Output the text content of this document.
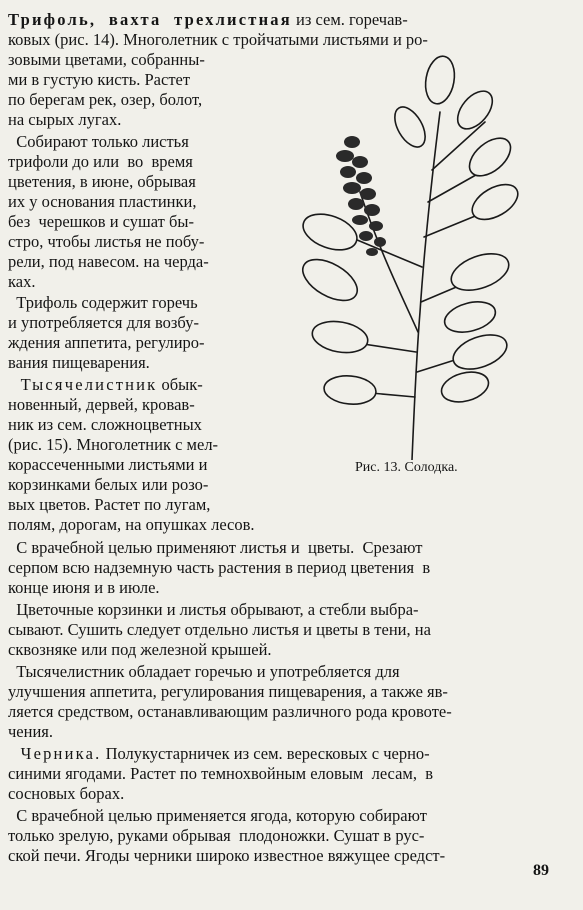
Трифоль,  вахта  трехлистная из сем. горечав-

ковых (рис. 14). Многолетник с тройчатыми листьями и ро-

зовыми цветами, собранны-

ми в густую кисть. Растет

по берегам рек, озер, болот,

на сырых лугах.

Собирают только листья

трифоли до или  во  время

цветения, в июне, обрывая

их у основания пластинки,

без  черешков и сушат бы-

стро, чтобы листья не побу-

рели, под навесом. на черда-

ках.

Трифоль содержит горечь

и употребляется для возбу-

ждения аппетита, регулиро-

вания пищеварения.

Тысячелистник обык-

новенный, дервей, кровав-

ник из сем. сложноцветных

(рис. 15). Многолетник с мел-

корассеченными листьями и

корзинками белых или розо-

вых цветов. Растет по лугам,

полям, дорогам, на опушках лесов.

С врачебной целью применяют листья и  цветы.  Срезают

серпом всю надземную часть растения в период цветения  в

конце июня и в июле.

Цветочные корзинки и листья обрывают, а стебли выбра-

сывают. Сушить следует отдельно листья и цветы в тени, на

сквозняке или под железной крышей.

Тысячелистник обладает горечью и употребляется для

улучшения аппетита, регулирования пищеварения, а также яв-

ляется средством, останавливающим различного рода кровоте-

чения.

Черника. Полукустарничек из сем. вересковых с черно-

синими ягодами. Растет по темнохвойным еловым  лесам,  в

сосновых борах.

С врачебной целью применяется ягода, которую собирают

только зрелую, руками обрывая  плодоножки. Сушат в рус-

ской печи. Ягоды черники широко известное вяжущее средст-

Рис. 13. Солодка.
89
